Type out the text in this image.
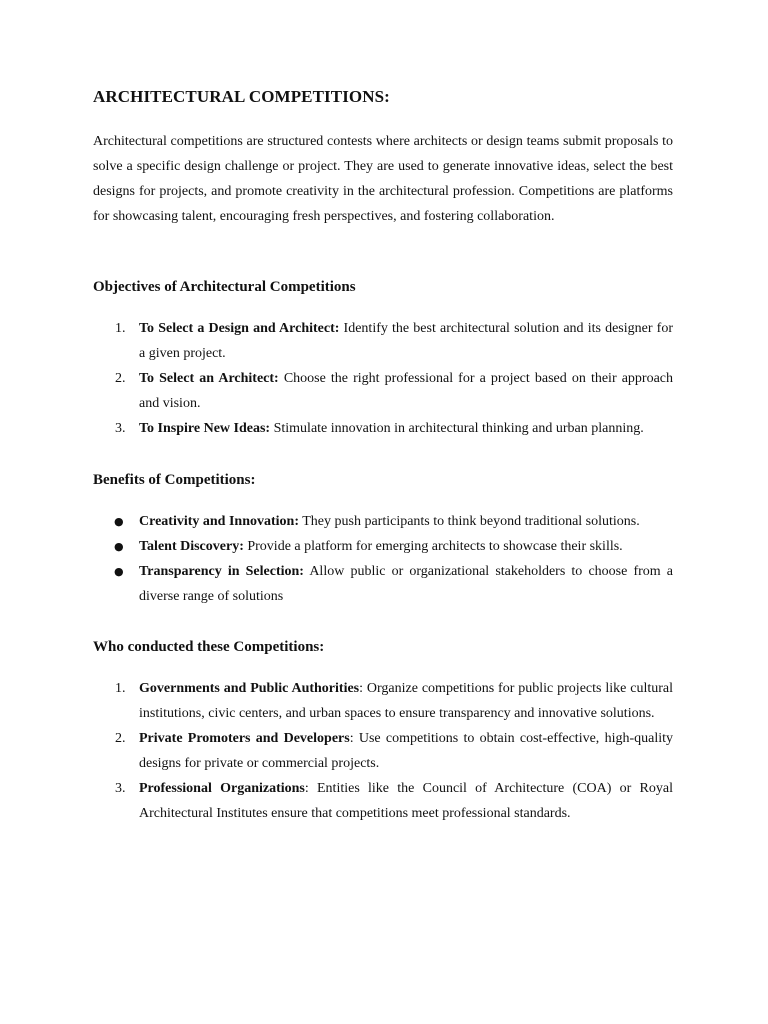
ARCHITECTURAL COMPETITIONS:

Architectural competitions are structured contests where architects or design teams submit proposals to solve a specific design challenge or project. They are used to generate innovative ideas, select the best designs for projects, and promote creativity in the architectural profession. Competitions are platforms for showcasing talent, encouraging fresh perspectives, and fostering collaboration.

Objectives of Architectural Competitions
1. To Select a Design and Architect: Identify the best architectural solution and its designer for a given project.
2. To Select an Architect: Choose the right professional for a project based on their approach and vision.
3. To Inspire New Ideas: Stimulate innovation in architectural thinking and urban planning.
Benefits of Competitions:
●	Creativity and Innovation: They push participants to think beyond traditional solutions.
●	Talent Discovery: Provide a platform for emerging architects to showcase their skills.
●	Transparency in Selection: Allow public or organizational stakeholders to choose from a diverse range of solutions
Who conducted these Competitions:
1. Governments and Public Authorities: Organize competitions for public projects like cultural institutions, civic centers, and urban spaces to ensure transparency and innovative solutions.
2. Private Promoters and Developers: Use competitions to obtain cost-effective, high-quality designs for private or commercial projects.
3. Professional Organizations: Entities like the Council of Architecture (COA) or Royal Architectural Institutes ensure that competitions meet professional standards.
